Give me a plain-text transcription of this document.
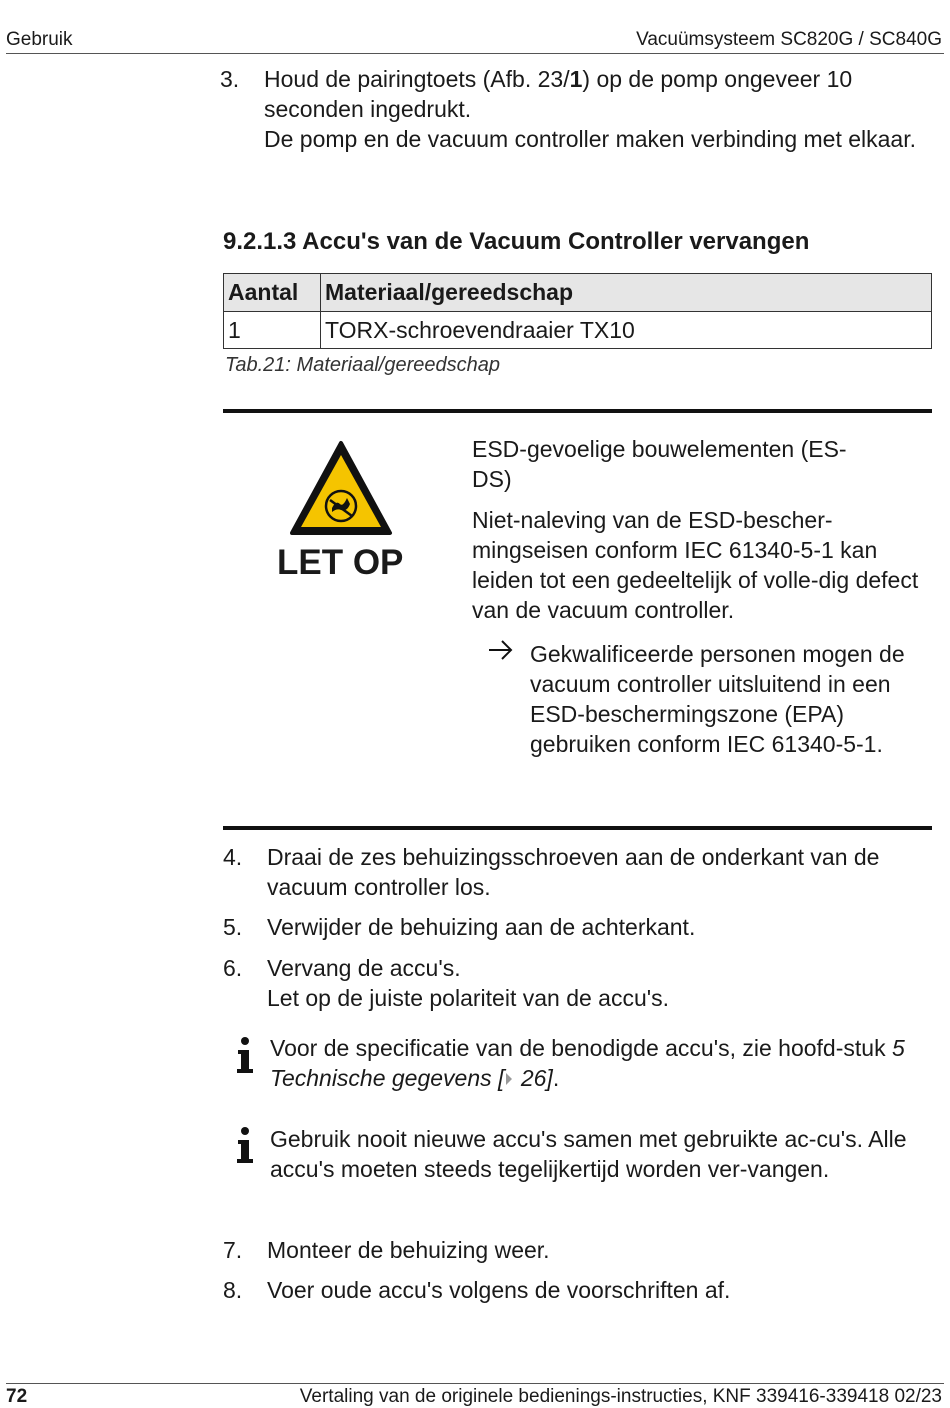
Gebruik	Vacuümsysteem SC820G / SC840G
3. Houd de pairingtoets (Afb. 23/1) op de pomp ongeveer 10 seconden ingedrukt.
De pomp en de vacuum controller maken verbinding met elkaar.
9.2.1.3 Accu's van de Vacuum Controller vervangen
Aantal	Materiaal/gereedschap
1	TORX-schroevendraaier TX10
Tab.21: Materiaal/gereedschap
LET OP
ESD-gevoelige bouwelementen (ES-
DS)
Niet-naleving van de ESD-bescher-mingseisen conform IEC 61340-5-1 kan leiden tot een gedeeltelijk of volle-dig defect van de vacuum controller.
Gekwalificeerde personen mogen de vacuum controller uitsluitend in een ESD-beschermingszone (EPA) gebruiken conform IEC 61340-5-1.
4. Draai de zes behuizingsschroeven aan de onderkant van de vacuum controller los.
5. Verwijder de behuizing aan de achterkant.
6. Vervang de accu's.
Let op de juiste polariteit van de accu's.
Voor de specificatie van de benodigde accu's, zie hoofd-stuk 5 Technische gegevens [ 26].
Gebruik nooit nieuwe accu's samen met gebruikte ac-cu's. Alle accu's moeten steeds tegelijkertijd worden ver-vangen.
7. Monteer de behuizing weer.
8. Voer oude accu's volgens de voorschriften af.
72	Vertaling van de originele bedienings-instructies, KNF 339416-339418 02/23
